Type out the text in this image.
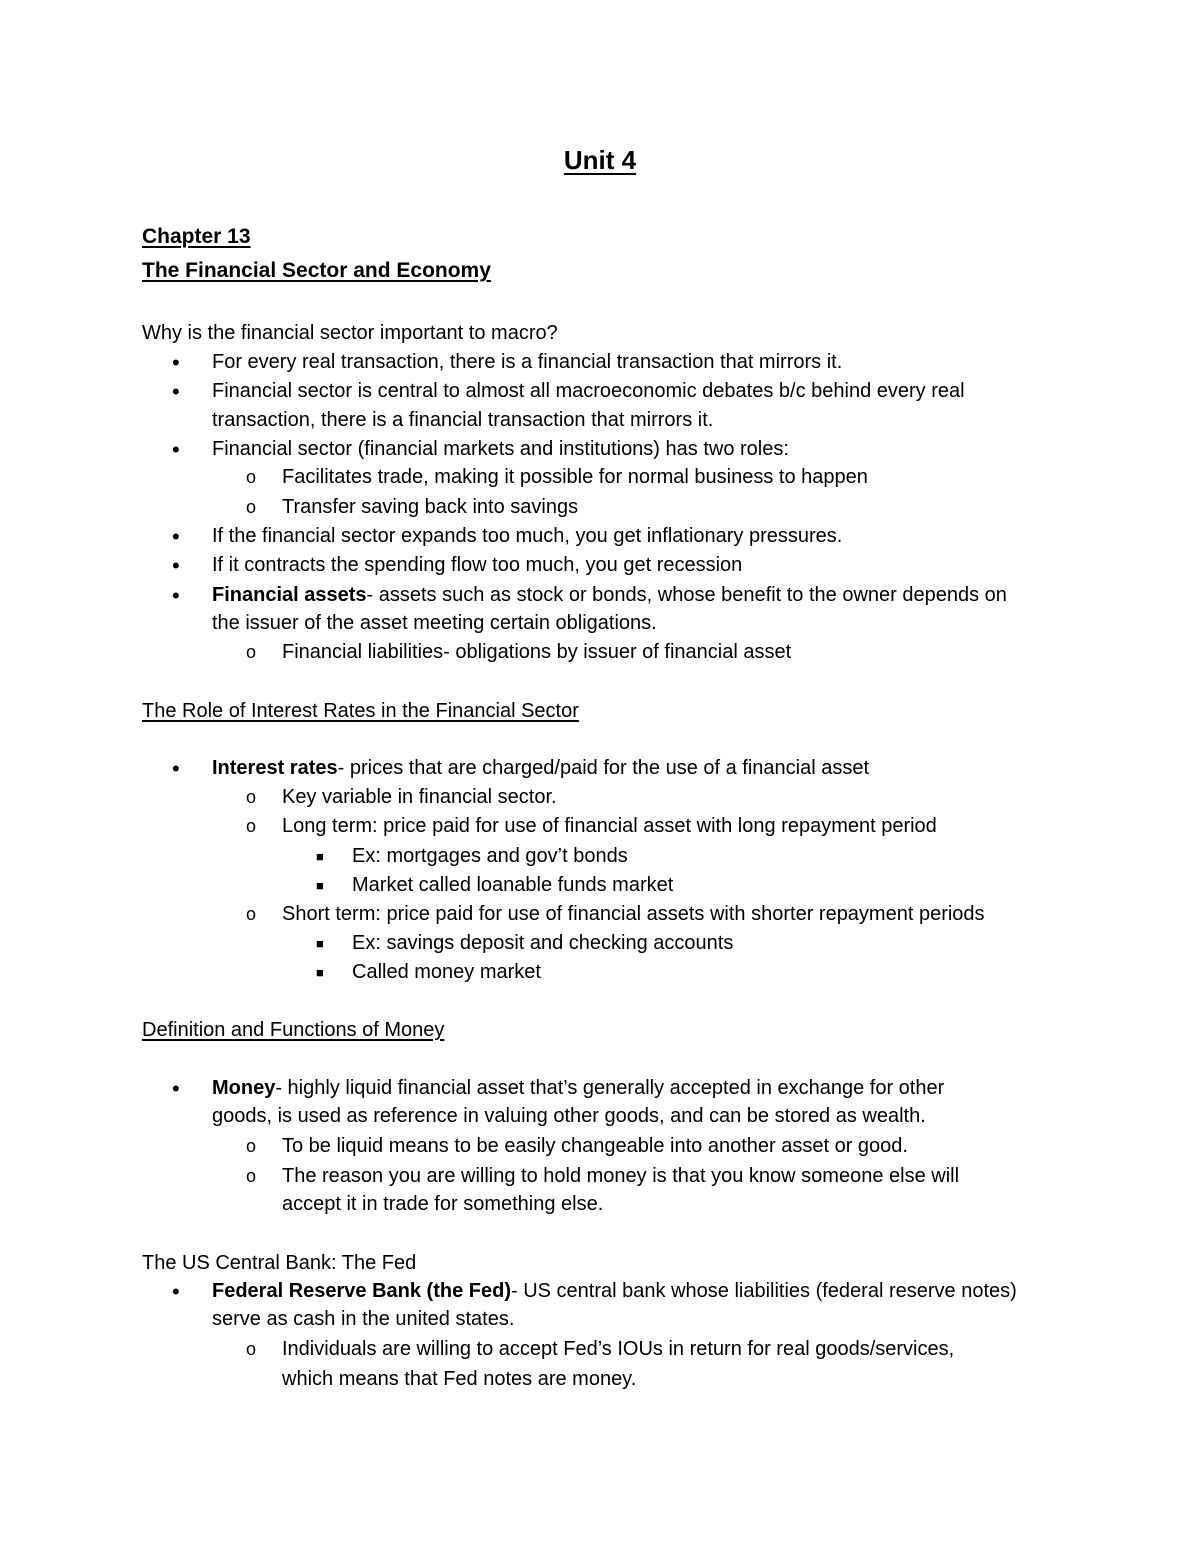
Unit 4
Chapter 13
The Financial Sector and Economy
Why is the financial sector important to macro?
• For every real transaction, there is a financial transaction that mirrors it.
• Financial sector is central to almost all macroeconomic debates b/c behind every real
transaction, there is a financial transaction that mirrors it.
• Financial sector (financial markets and institutions) has two roles:
o Facilitates trade, making it possible for normal business to happen
o Transfer saving back into savings
• If the financial sector expands too much, you get inflationary pressures.
• If it contracts the spending flow too much, you get recession
• Financial assets- assets such as stock or bonds, whose benefit to the owner depends on
the issuer of the asset meeting certain obligations.
o Financial liabilities- obligations by issuer of financial asset
The Role of Interest Rates in the Financial Sector
• Interest rates- prices that are charged/paid for the use of a financial asset
o Key variable in financial sector.
o Long term: price paid for use of financial asset with long repayment period
■ Ex: mortgages and gov’t bonds
■ Market called loanable funds market
o Short term: price paid for use of financial assets with shorter repayment periods
■ Ex: savings deposit and checking accounts
■ Called money market
Definition and Functions of Money
• Money- highly liquid financial asset that’s generally accepted in exchange for other
goods, is used as reference in valuing other goods, and can be stored as wealth.
o To be liquid means to be easily changeable into another asset or good.
o The reason you are willing to hold money is that you know someone else will
accept it in trade for something else.
The US Central Bank: The Fed
• Federal Reserve Bank (the Fed)- US central bank whose liabilities (federal reserve notes)
serve as cash in the united states.
o Individuals are willing to accept Fed’s IOUs in return for real goods/services,
which means that Fed notes are money.
